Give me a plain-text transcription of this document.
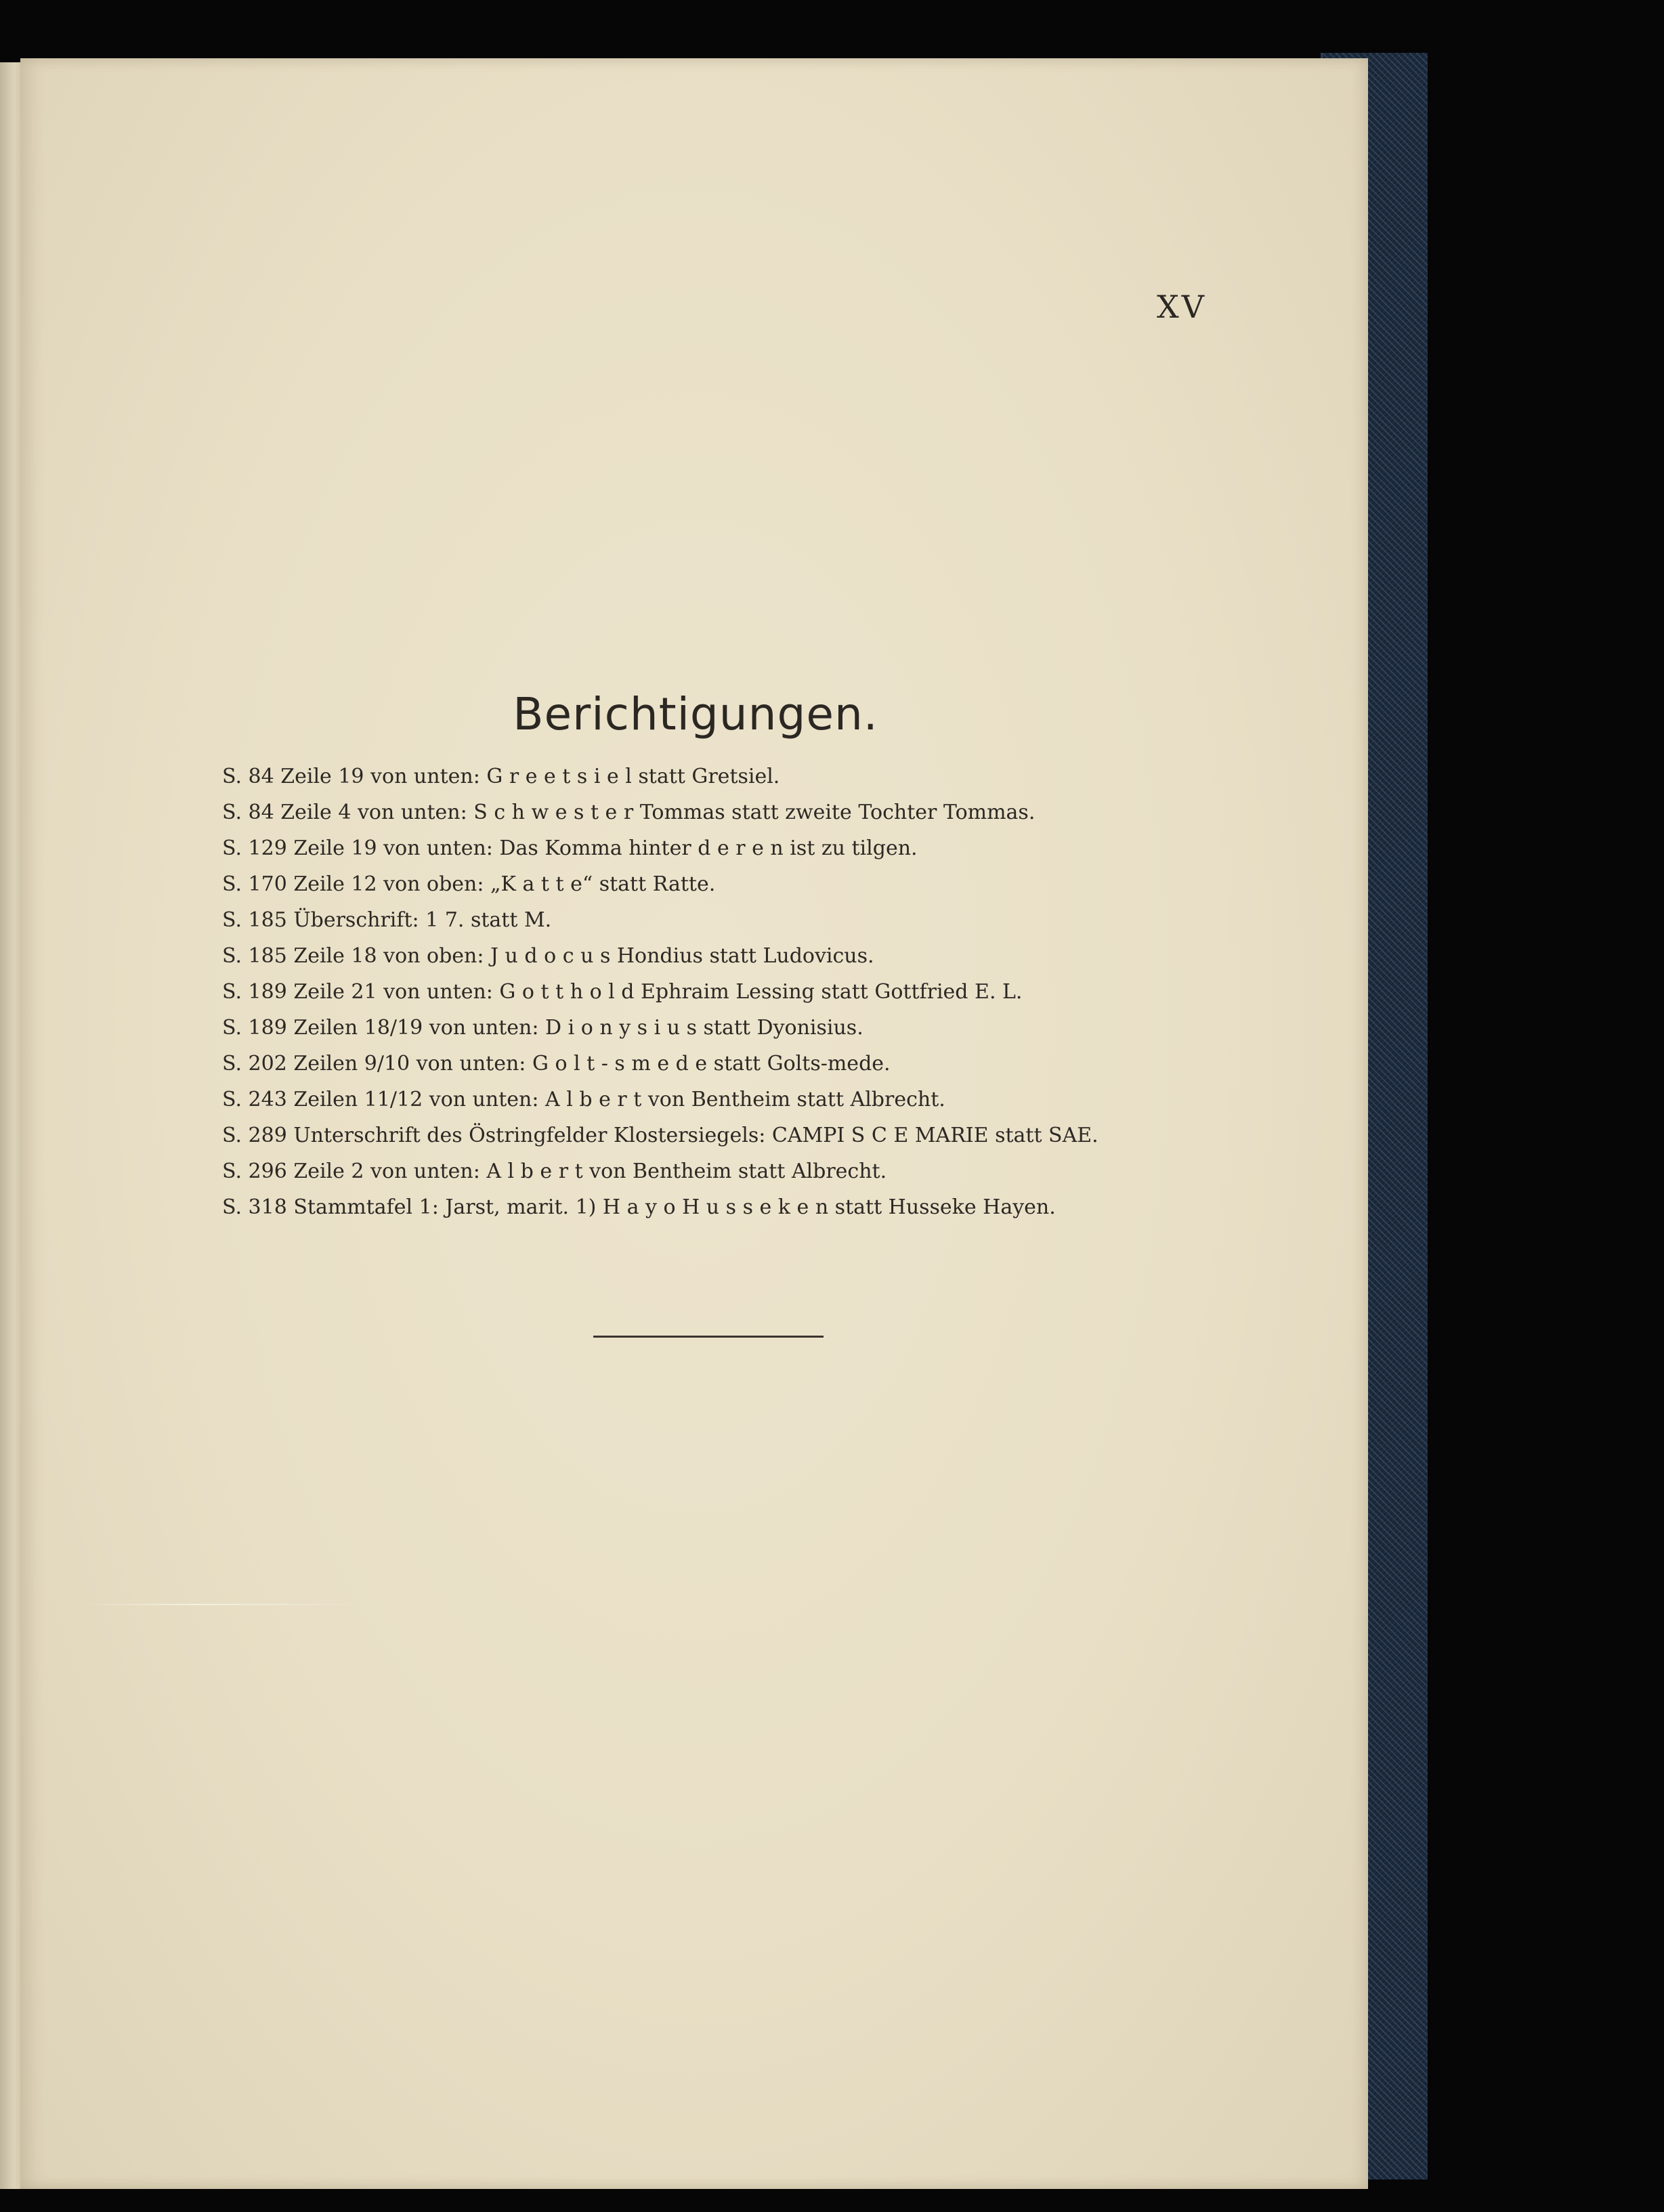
XV
Berichtigungen.
S. 84 Zeile 19 von unten: G r e e t s i e l statt Gretsiel.
S. 84 Zeile 4 von unten: S c h w e s t e r Tommas statt zweite Tochter Tommas.
S. 129 Zeile 19 von unten: Das Komma hinter d e r e n ist zu tilgen.
S. 170 Zeile 12 von oben: „K a t t e“ statt Ratte.
S. 185 Überschrift: 1 7. statt M.
S. 185 Zeile 18 von oben: J u d o c u s Hondius statt Ludovicus.
S. 189 Zeile 21 von unten: G o t t h o l d Ephraim Lessing statt Gottfried E. L.
S. 189 Zeilen 18/19 von unten: D i o n y s i u s statt Dyonisius.
S. 202 Zeilen 9/10 von unten: G o l t - s m e d e statt Golts-mede.
S. 243 Zeilen 11/12 von unten: A l b e r t von Bentheim statt Albrecht.
S. 289 Unterschrift des Östringfelder Klostersiegels: CAMPI S C E MARIE statt SAE.
S. 296 Zeile 2 von unten: A l b e r t von Bentheim statt Albrecht.
S. 318 Stammtafel 1: Jarst, marit. 1) H a y o H u s s e k e n statt Husseke Hayen.
